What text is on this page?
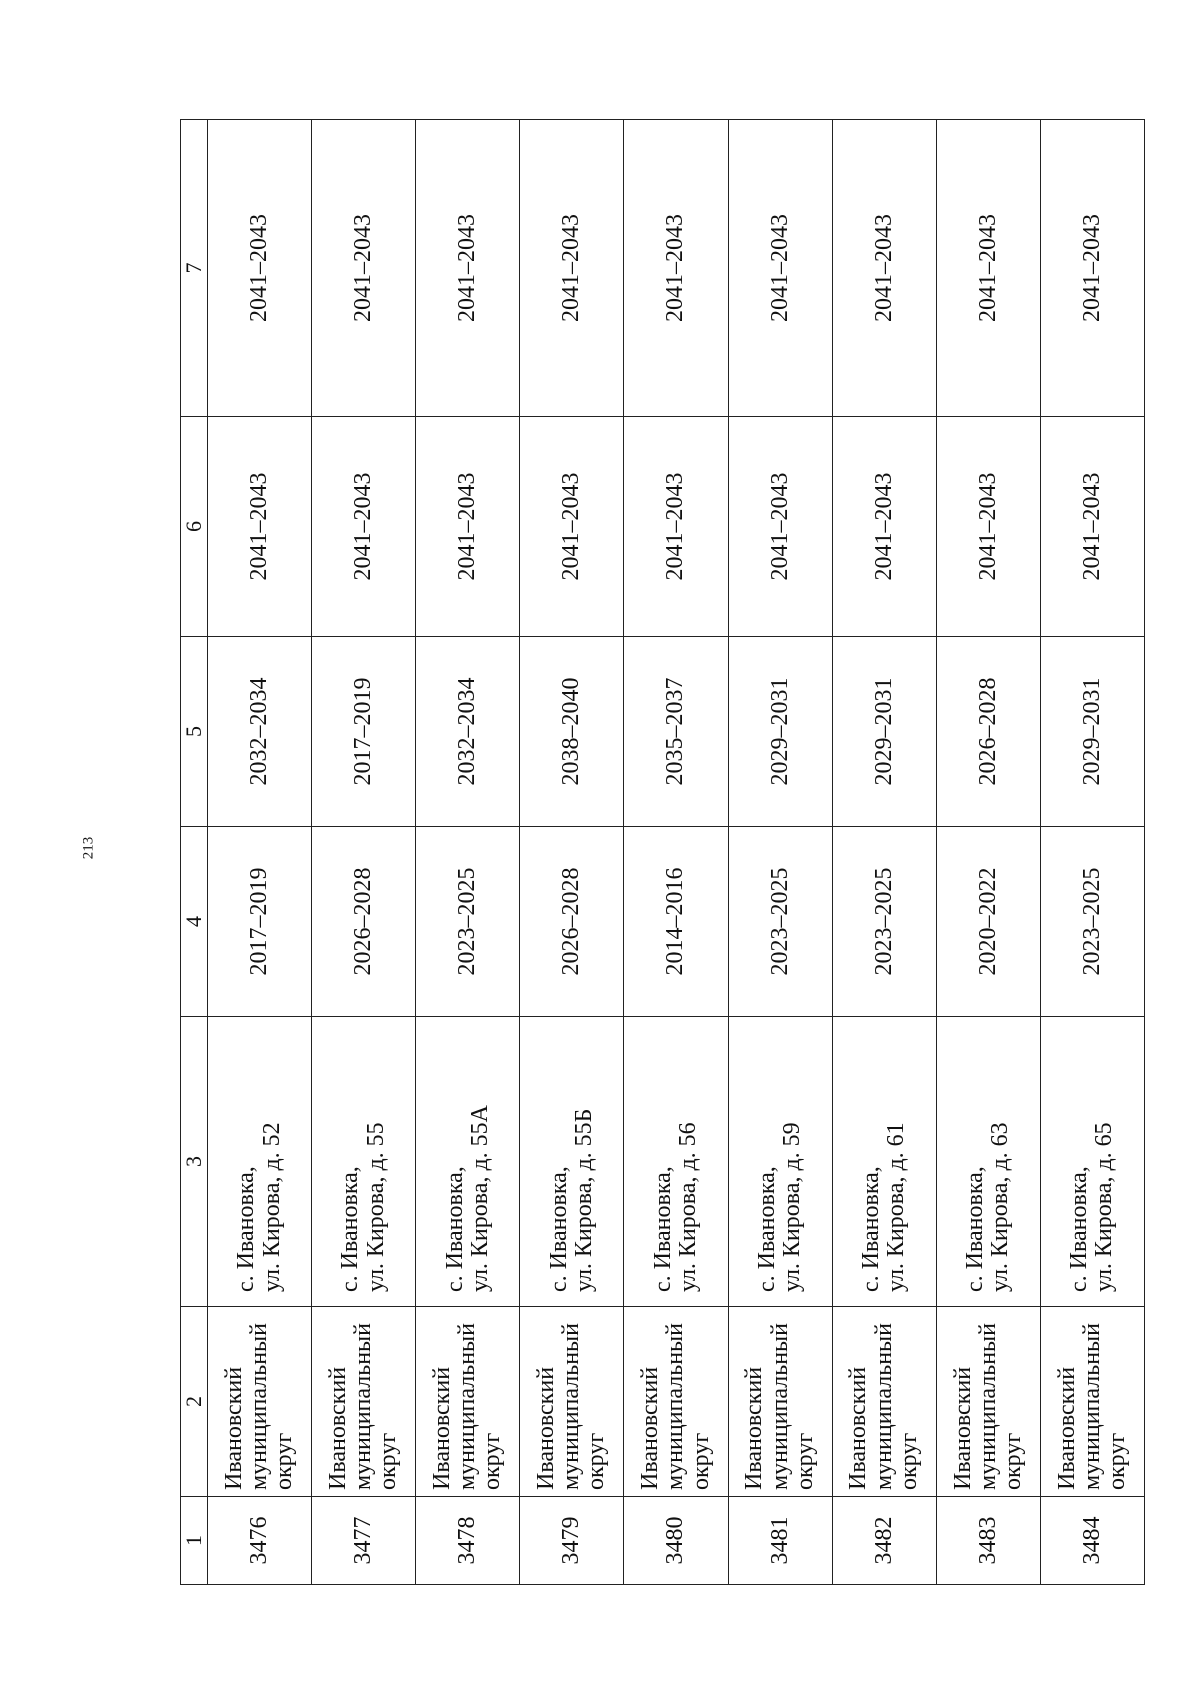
213
1	2	3	4	5	6	7
3476	Ивановский муниципальный округ	с. Ивановка, ул. Кирова, д. 52	2017–2019	2032–2034	2041–2043	2041–2043
3477	Ивановский муниципальный округ	с. Ивановка, ул. Кирова, д. 55	2026–2028	2017–2019	2041–2043	2041–2043
3478	Ивановский муниципальный округ	с. Ивановка, ул. Кирова, д. 55А	2023–2025	2032–2034	2041–2043	2041–2043
3479	Ивановский муниципальный округ	с. Ивановка, ул. Кирова, д. 55Б	2026–2028	2038–2040	2041–2043	2041–2043
3480	Ивановский муниципальный округ	с. Ивановка, ул. Кирова, д. 56	2014–2016	2035–2037	2041–2043	2041–2043
3481	Ивановский муниципальный округ	с. Ивановка, ул. Кирова, д. 59	2023–2025	2029–2031	2041–2043	2041–2043
3482	Ивановский муниципальный округ	с. Ивановка, ул. Кирова, д. 61	2023–2025	2029–2031	2041–2043	2041–2043
3483	Ивановский муниципальный округ	с. Ивановка, ул. Кирова, д. 63	2020–2022	2026–2028	2041–2043	2041–2043
3484	Ивановский муниципальный округ	с. Ивановка, ул. Кирова, д. 65	2023–2025	2029–2031	2041–2043	2041–2043
